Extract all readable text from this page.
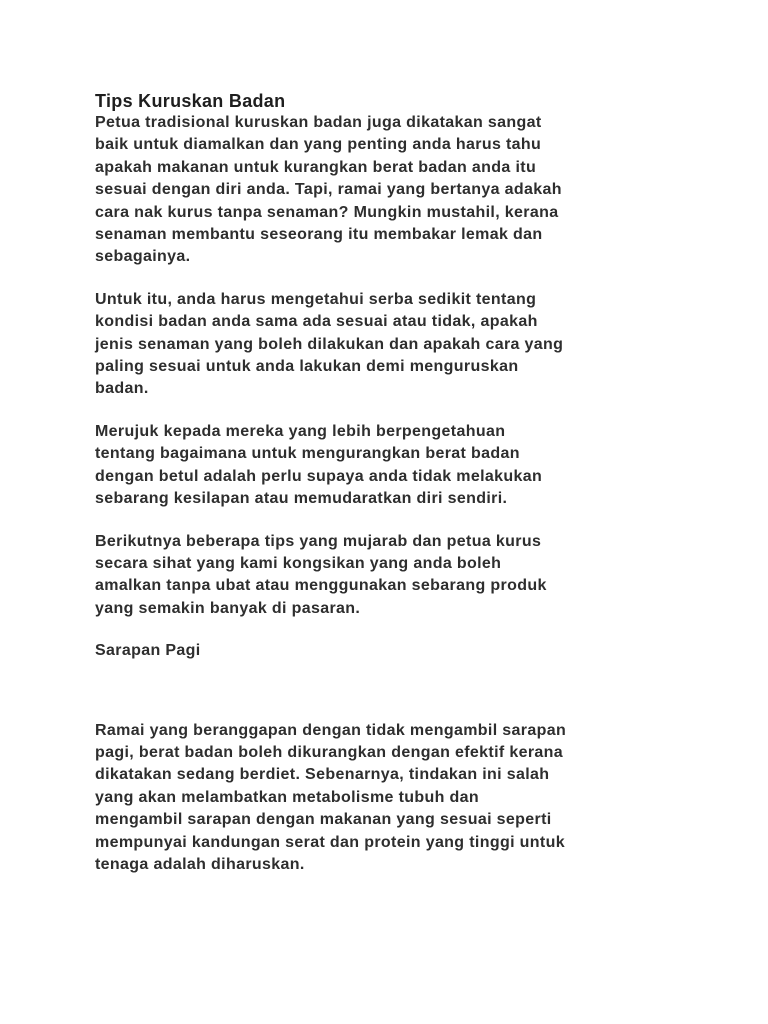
Tips Kuruskan Badan

Petua tradisional kuruskan badan juga dikatakan sangat
baik untuk diamalkan dan yang penting anda harus tahu
apakah makanan untuk kurangkan berat badan anda itu
sesuai dengan diri anda. Tapi, ramai yang bertanya adakah
cara nak kurus tanpa senaman? Mungkin mustahil, kerana
senaman membantu seseorang itu membakar lemak dan
sebagainya.

Untuk itu, anda harus mengetahui serba sedikit tentang
kondisi badan anda sama ada sesuai atau tidak, apakah
jenis senaman yang boleh dilakukan dan apakah cara yang
paling sesuai untuk anda lakukan demi menguruskan
badan.

Merujuk kepada mereka yang lebih berpengetahuan
tentang bagaimana untuk mengurangkan berat badan
dengan betul adalah perlu supaya anda tidak melakukan
sebarang kesilapan atau memudaratkan diri sendiri.

Berikutnya beberapa tips yang mujarab dan petua kurus
secara sihat yang kami kongsikan yang anda boleh
amalkan tanpa ubat atau menggunakan sebarang produk
yang semakin banyak di pasaran.

Sarapan Pagi

Ramai yang beranggapan dengan tidak mengambil sarapan
pagi, berat badan boleh dikurangkan dengan efektif kerana
dikatakan sedang berdiet. Sebenarnya, tindakan ini salah
yang akan melambatkan metabolisme tubuh dan
mengambil sarapan dengan makanan yang sesuai seperti
mempunyai kandungan serat dan protein yang tinggi untuk
tenaga adalah diharuskan.
